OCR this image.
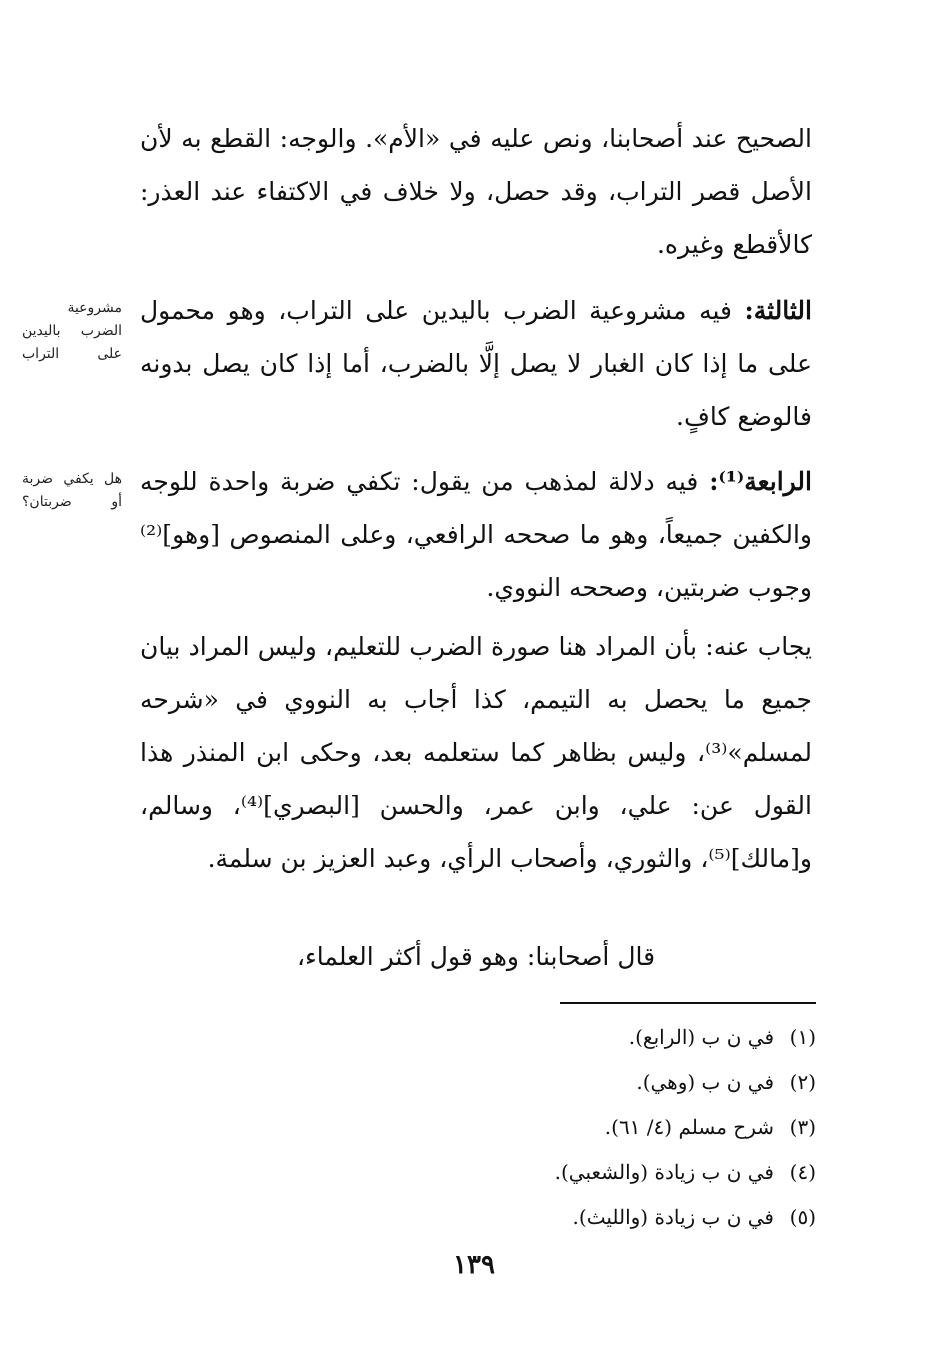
الصحيح عند أصحابنا، ونص عليه في «الأم». والوجه: القطع به لأن الأصل قصر التراب، وقد حصل، ولا خلاف في الاكتفاء عند العذر: كالأقطع وغيره.

مشروعية الضرب باليدين على التراب

الثالثة: فيه مشروعية الضرب باليدين على التراب، وهو محمول على ما إذا كان الغبار لا يصل إلَّا بالضرب، أما إذا كان يصل بدونه فالوضع كافٍ.

هل يكفي ضربة أو ضربتان؟

الرابعة⁽¹⁾: فيه دلالة لمذهب من يقول: تكفي ضربة واحدة للوجه والكفين جميعاً، وهو ما صححه الرافعي، وعلى المنصوص [وهو]⁽²⁾ وجوب ضربتين، وصححه النووي.

يجاب عنه: بأن المراد هنا صورة الضرب للتعليم، وليس المراد بيان جميع ما يحصل به التيمم، كذا أجاب به النووي في «شرحه لمسلم»⁽³⁾، وليس بظاهر كما ستعلمه بعد، وحكى ابن المنذر هذا القول عن: علي، وابن عمر، والحسن [البصري]⁽⁴⁾، وسالم، و[مالك]⁽⁵⁾، والثوري، وأصحاب الرأي، وعبد العزيز بن سلمة.

قال أصحابنا: وهو قول أكثر العلماء،
(١)في ن ب (الرابع).
(٢)في ن ب (وهي).
(٣)شرح مسلم (٤/ ٦١).
(٤)في ن ب زيادة (والشعبي).
(٥)في ن ب زيادة (والليث).
١٣٩
